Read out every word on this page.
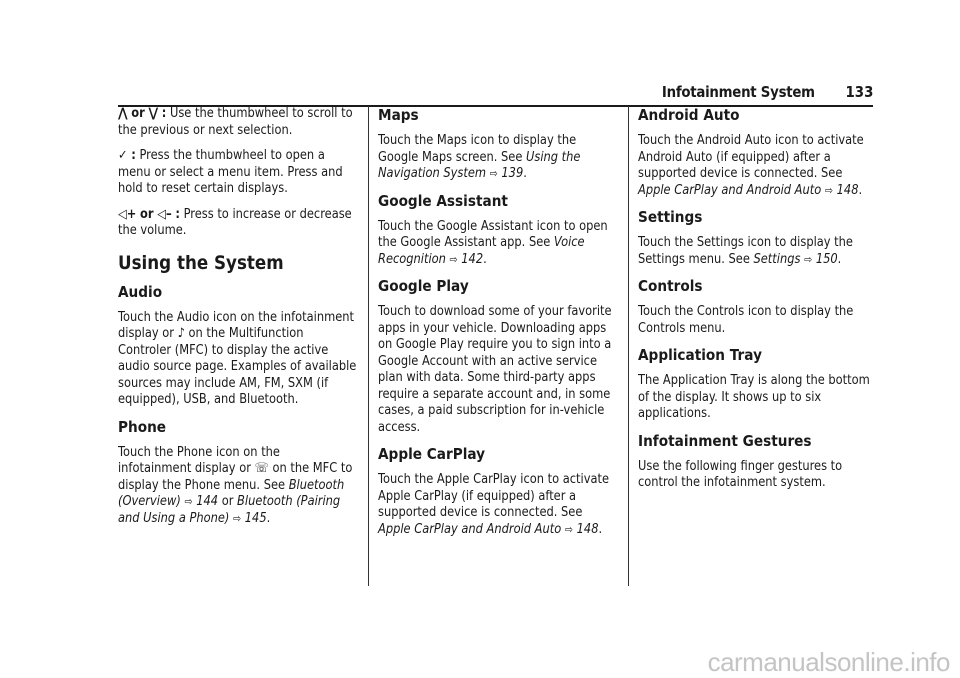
Infotainment System 133

⋀ or ⋁ : Use the thumbwheel to scroll to the previous or next selection.

✓ : Press the thumbwheel to open a menu or select a menu item. Press and hold to reset certain displays.

◁+ or ◁– : Press to increase or decrease the volume.

Using the System
Audio

Touch the Audio icon on the infotainment display or ♪ on the Multifunction Controler (MFC) to display the active audio source page. Examples of available sources may include AM, FM, SXM (if equipped), USB, and Bluetooth.

Phone

Touch the Phone icon on the infotainment display or ☏ on the MFC to display the Phone menu. See Bluetooth (Overview) ⇨ 144 or Bluetooth (Pairing and Using a Phone) ⇨ 145.

Maps

Touch the Maps icon to display the Google Maps screen. See Using the Navigation System ⇨ 139.

Google Assistant

Touch the Google Assistant icon to open the Google Assistant app. See Voice Recognition ⇨ 142.

Google Play

Touch to download some of your favorite apps in your vehicle. Downloading apps on Google Play require you to sign into a Google Account with an active service plan with data. Some third-party apps require a separate account and, in some cases, a paid subscription for in-vehicle access.

Apple CarPlay

Touch the Apple CarPlay icon to activate Apple CarPlay (if equipped) after a supported device is connected. See Apple CarPlay and Android Auto ⇨ 148.

Android Auto

Touch the Android Auto icon to activate Android Auto (if equipped) after a supported device is connected. See Apple CarPlay and Android Auto ⇨ 148.

Settings

Touch the Settings icon to display the Settings menu. See Settings ⇨ 150.

Controls

Touch the Controls icon to display the Controls menu.

Application Tray

The Application Tray is along the bottom of the display. It shows up to six applications.

Infotainment Gestures

Use the following finger gestures to control the infotainment system.

carmanualsonline.info
